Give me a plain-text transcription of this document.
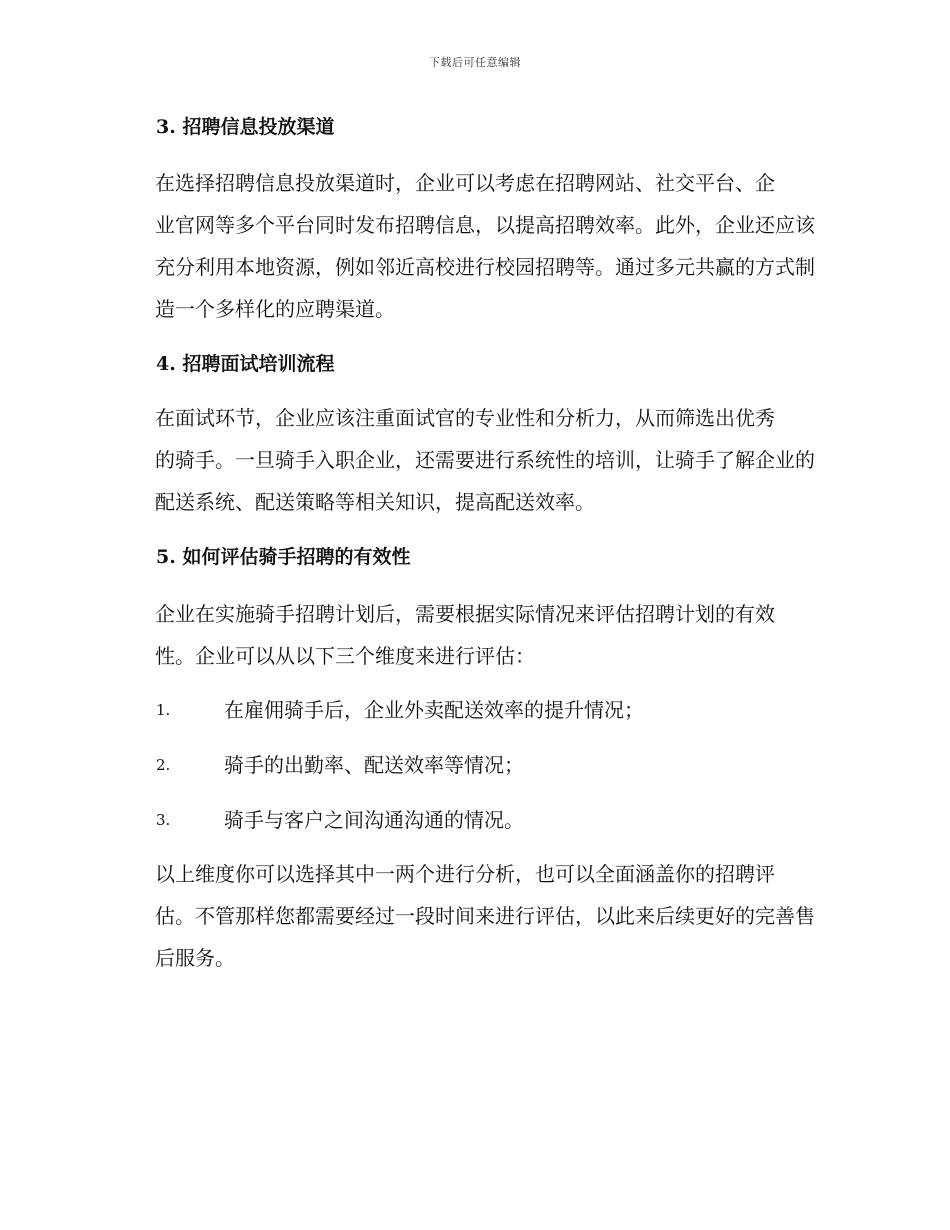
下载后可任意编辑
3. 招聘信息投放渠道
在选择招聘信息投放渠道时，企业可以考虑在招聘网站、社交平台、企
业官网等多个平台同时发布招聘信息，以提高招聘效率。此外，企业还应该
充分利用本地资源，例如邻近高校进行校园招聘等。通过多元共赢的方式制
造一个多样化的应聘渠道。
4. 招聘面试培训流程
在面试环节，企业应该注重面试官的专业性和分析力，从而筛选出优秀
的骑手。一旦骑手入职企业，还需要进行系统性的培训，让骑手了解企业的
配送系统、配送策略等相关知识，提高配送效率。
5. 如何评估骑手招聘的有效性
企业在实施骑手招聘计划后，需要根据实际情况来评估招聘计划的有效
性。企业可以从以下三个维度来进行评估：
1.	在雇佣骑手后，企业外卖配送效率的提升情况；
2.	骑手的出勤率、配送效率等情况；
3.	骑手与客户之间沟通沟通的情况。
以上维度你可以选择其中一两个进行分析，也可以全面涵盖你的招聘评
估。不管那样您都需要经过一段时间来进行评估，以此来后续更好的完善售
后服务。
